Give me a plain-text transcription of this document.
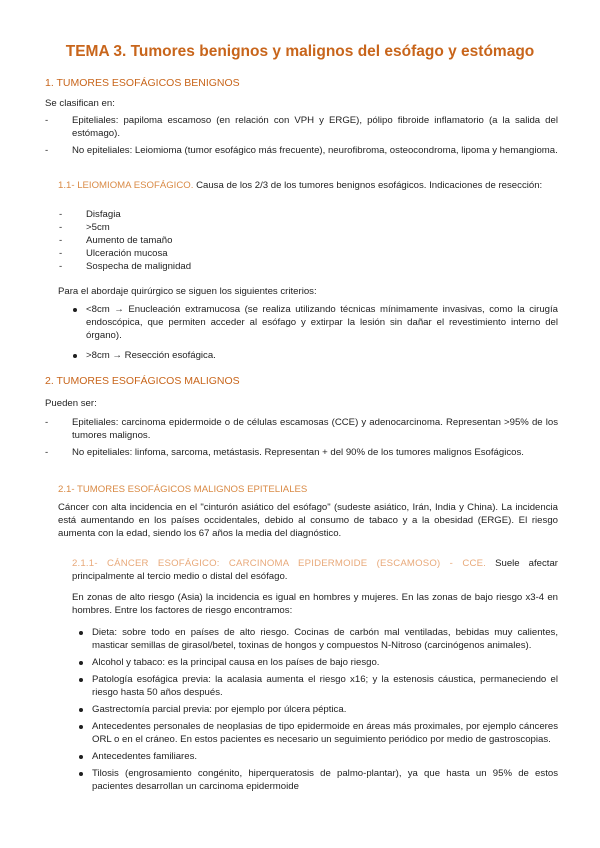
TEMA 3. Tumores benignos y malignos del esófago y estómago
1. TUMORES ESOFÁGICOS BENIGNOS
Se clasifican en:
- Epiteliales: papiloma escamoso (en relación con VPH y ERGE), pólipo fibroide inflamatorio (a la salida del estómago).
- No epiteliales: Leiomioma (tumor esofágico más frecuente), neurofibroma, osteocondroma, lipoma y hemangioma.
1.1- LEIOMIOMA ESOFÁGICO. Causa de los 2/3 de los tumores benignos esofágicos. Indicaciones de resección:
- Disfagia
- >5cm
- Aumento de tamaño
- Ulceración mucosa
- Sospecha de malignidad
Para el abordaje quirúrgico se siguen los siguientes criterios:
<8cm → Enucleación extramucosa (se realiza utilizando técnicas mínimamente invasivas, como la cirugía endoscópica, que permiten acceder al esófago y extirpar la lesión sin dañar el revestimiento interno del órgano).
>8cm → Resección esofágica.
2. TUMORES ESOFÁGICOS MALIGNOS
Pueden ser:
- Epiteliales: carcinoma epidermoide o de células escamosas (CCE) y adenocarcinoma. Representan >95% de los tumores malignos.
- No epiteliales: linfoma, sarcoma, metástasis. Representan + del 90% de los tumores malignos Esofágicos.
2.1- TUMORES ESOFÁGICOS MALIGNOS EPITELIALES
Cáncer con alta incidencia en el "cinturón asiático del esófago" (sudeste asiático, Irán, India y China). La incidencia está aumentando en los países occidentales, debido al consumo de tabaco y a la obesidad (ERGE). El riesgo aumenta con la edad, siendo los 67 años la media del diagnóstico.
2.1.1- CÁNCER ESOFÁGICO: CARCINOMA EPIDERMOIDE (ESCAMOSO) - CCE. Suele afectar principalmente al tercio medio o distal del esófago.
En zonas de alto riesgo (Asia) la incidencia es igual en hombres y mujeres. En las zonas de bajo riesgo x3-4 en hombres. Entre los factores de riesgo encontramos:
Dieta: sobre todo en países de alto riesgo. Cocinas de carbón mal ventiladas, bebidas muy calientes, masticar semillas de girasol/betel, toxinas de hongos y compuestos N-Nitroso (carcinógenos animales).
Alcohol y tabaco: es la principal causa en los países de bajo riesgo.
Patología esofágica previa: la acalasia aumenta el riesgo x16; y la estenosis cáustica, permaneciendo el riesgo hasta 50 años después.
Gastrectomía parcial previa: por ejemplo por úlcera péptica.
Antecedentes personales de neoplasias de tipo epidermoide en áreas más proximales, por ejemplo cánceres ORL o en el cráneo. En estos pacientes es necesario un seguimiento periódico por medio de gastroscopias.
Antecedentes familiares.
Tilosis (engrosamiento congénito, hiperqueratosis de palmo-plantar), ya que hasta un 95% de estos pacientes desarrollan un carcinoma epidermoide
